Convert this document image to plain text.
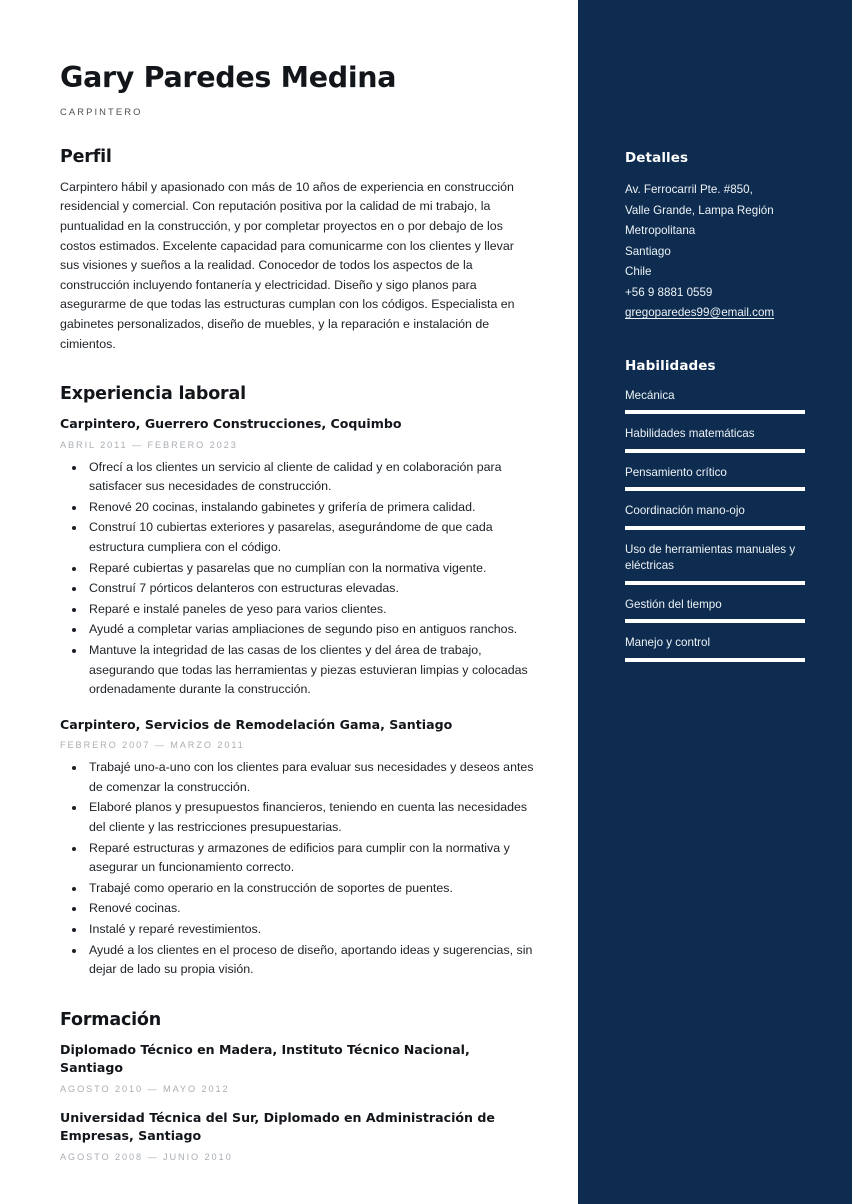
Gary Paredes Medina
CARPINTERO
Perfil
Carpintero hábil y apasionado con más de 10 años de experiencia en construcción residencial y comercial. Con reputación positiva por la calidad de mi trabajo, la puntualidad en la construcción, y por completar proyectos en o por debajo de los costos estimados. Excelente capacidad para comunicarme con los clientes y llevar sus visiones y sueños a la realidad. Conocedor de todos los aspectos de la construcción incluyendo fontanería y electricidad. Diseño y sigo planos para asegurarme de que todas las estructuras cumplan con los códigos. Especialista en gabinetes personalizados, diseño de muebles, y la reparación e instalación de cimientos.
Experiencia laboral
Carpintero, Guerrero Construcciones, Coquimbo
ABRIL 2011 — FEBRERO 2023
• Ofrecí a los clientes un servicio al cliente de calidad y en colaboración para satisfacer sus necesidades de construcción.
• Renové 20 cocinas, instalando gabinetes y grifería de primera calidad.
• Construí 10 cubiertas exteriores y pasarelas, asegurándome de que cada estructura cumpliera con el código.
• Reparé cubiertas y pasarelas que no cumplían con la normativa vigente.
• Construí 7 pórticos delanteros con estructuras elevadas.
• Reparé e instalé paneles de yeso para varios clientes.
• Ayudé a completar varias ampliaciones de segundo piso en antiguos ranchos.
• Mantuve la integridad de las casas de los clientes y del área de trabajo, asegurando que todas las herramientas y piezas estuvieran limpias y colocadas ordenadamente durante la construcción.
Carpintero, Servicios de Remodelación Gama, Santiago
FEBRERO 2007 — MARZO 2011
• Trabajé uno-a-uno con los clientes para evaluar sus necesidades y deseos antes de comenzar la construcción.
• Elaboré planos y presupuestos financieros, teniendo en cuenta las necesidades del cliente y las restricciones presupuestarias.
• Reparé estructuras y armazones de edificios para cumplir con la normativa y asegurar un funcionamiento correcto.
• Trabajé como operario en la construcción de soportes de puentes.
• Renové cocinas.
• Instalé y reparé revestimientos.
• Ayudé a los clientes en el proceso de diseño, aportando ideas y sugerencias, sin dejar de lado su propia visión.
Formación
Diplomado Técnico en Madera, Instituto Técnico Nacional, Santiago
AGOSTO 2010 — MAYO 2012
Universidad Técnica del Sur, Diplomado en Administración de Empresas, Santiago
AGOSTO 2008 — JUNIO 2010
Detalles
Av. Ferrocarril Pte. #850,
Valle Grande, Lampa Región
Metropolitana
Santiago
Chile
+56 9 8881 0559
gregoparedes99@email.com
Habilidades
Mecánica
Habilidades matemáticas
Pensamiento crítico
Coordinación mano-ojo
Uso de herramientas manuales y eléctricas
Gestión del tiempo
Manejo y control
